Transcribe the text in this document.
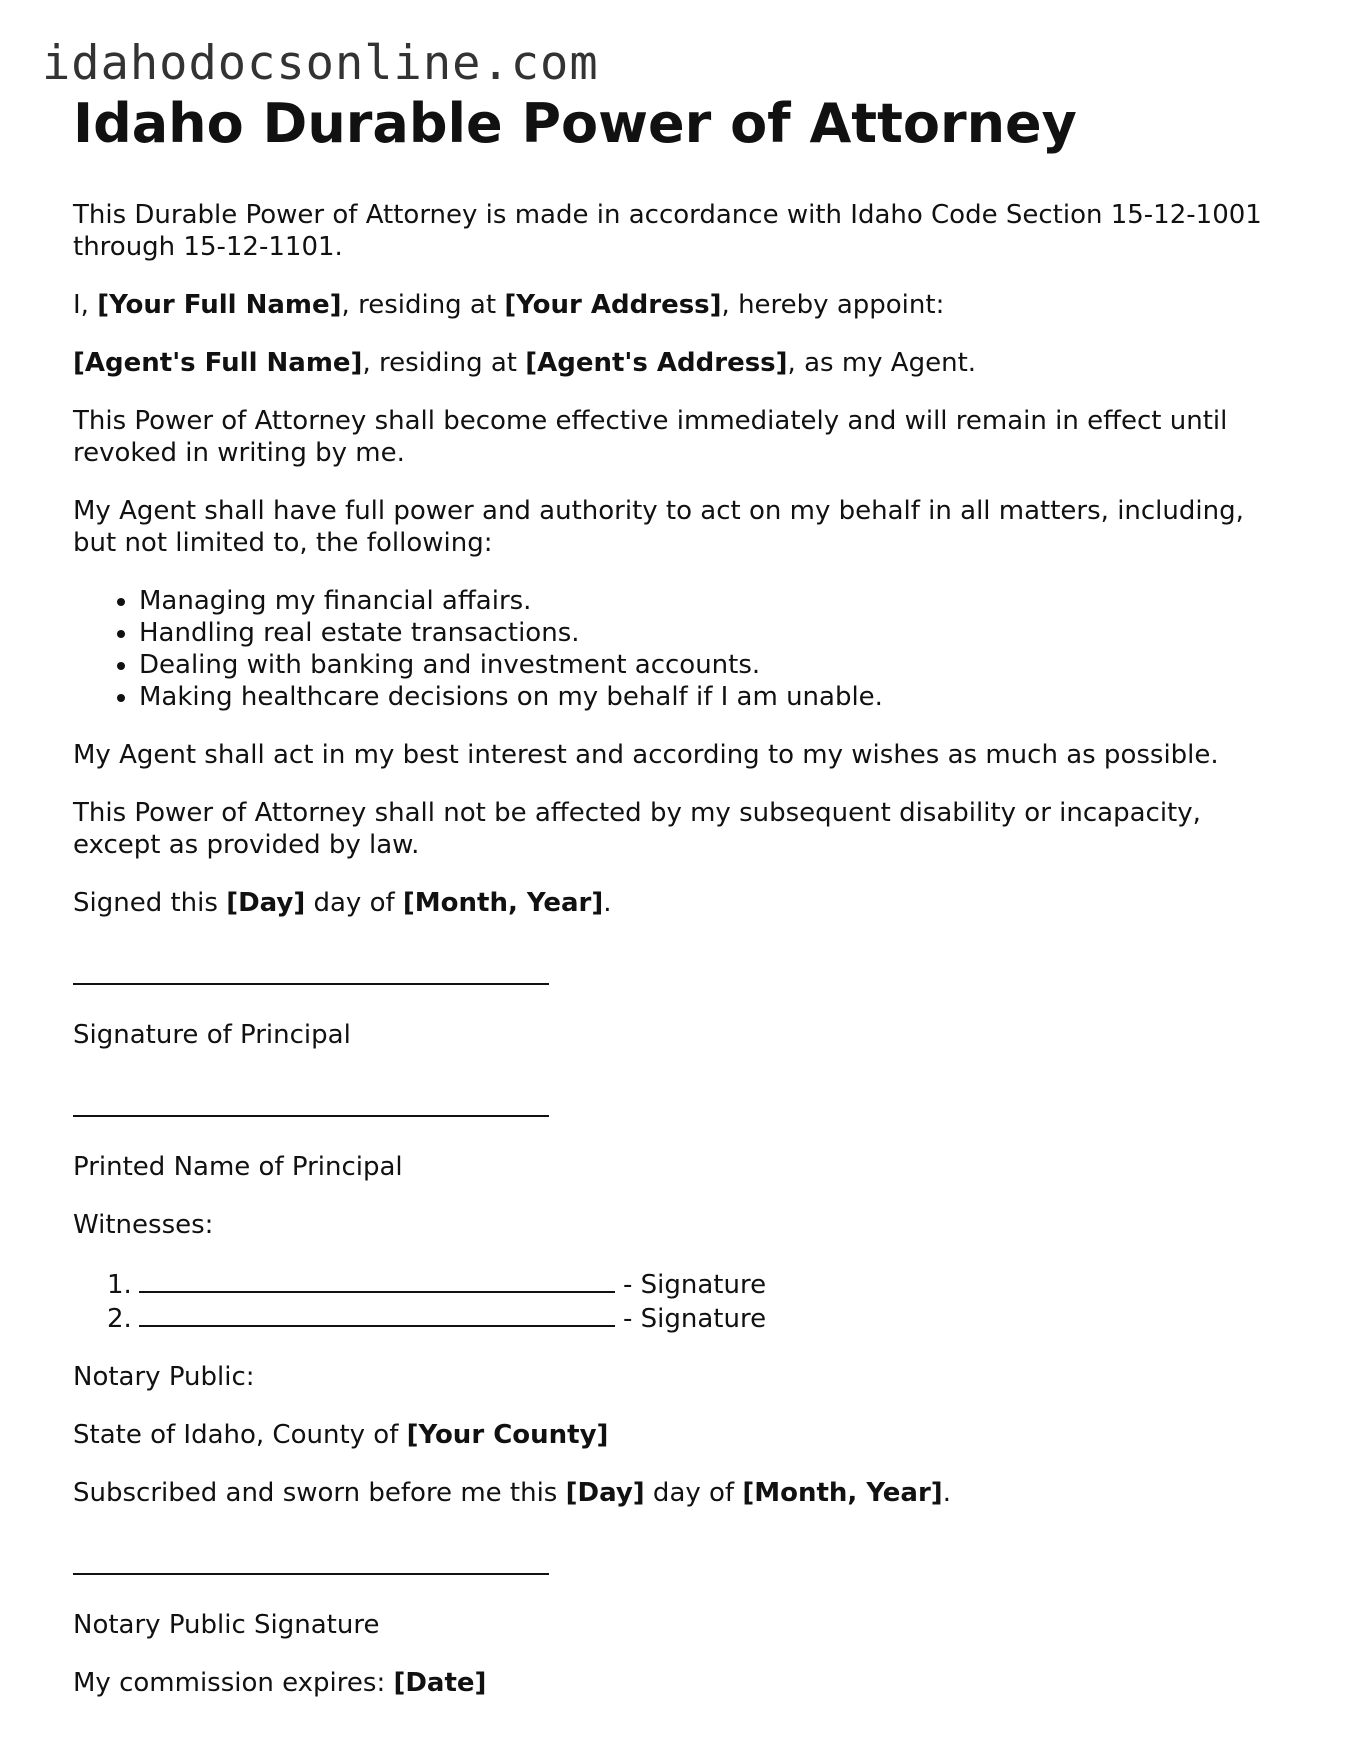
idahodocsonline.com
Idaho Durable Power of Attorney

This Durable Power of Attorney is made in accordance with Idaho Code Section 15-12-1001 through 15-12-1101.

I, [Your Full Name], residing at [Your Address], hereby appoint:

[Agent's Full Name], residing at [Agent's Address], as my Agent.

This Power of Attorney shall become effective immediately and will remain in effect until revoked in writing by me.

My Agent shall have full power and authority to act on my behalf in all matters, including, but not limited to, the following:

• Managing my financial affairs.
• Handling real estate transactions.
• Dealing with banking and investment accounts.
• Making healthcare decisions on my behalf if I am unable.

My Agent shall act in my best interest and according to my wishes as much as possible.

This Power of Attorney shall not be affected by my subsequent disability or incapacity, except as provided by law.

Signed this [Day] day of [Month, Year].

Signature of Principal

Printed Name of Principal

Witnesses:

1.	- Signature
2.	- Signature

Notary Public:

State of Idaho, County of [Your County]

Subscribed and sworn before me this [Day] day of [Month, Year].

Notary Public Signature

My commission expires: [Date]
